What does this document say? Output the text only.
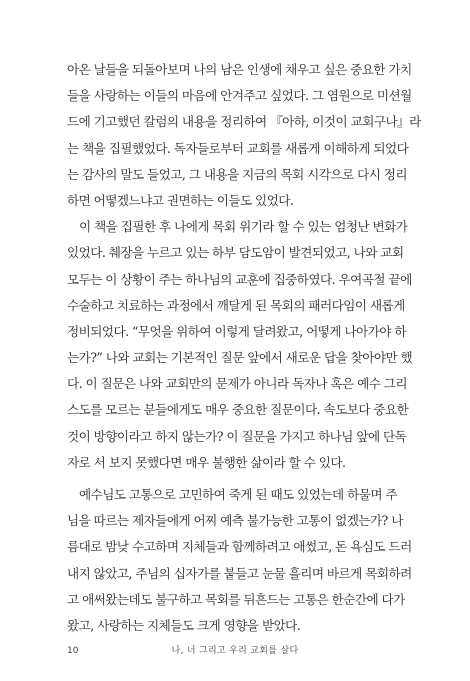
아온 날들을 되돌아보며 나의 남은 인생에 채우고 싶은 중요한 가치
들을 사랑하는 이들의 마음에 안겨주고 싶었다. 그 염원으로 미션월
드에 기고했던 칼럼의 내용을 정리하여 『아하, 이것이 교회구나』라
는 책을 집필했었다. 독자들로부터 교회를 새롭게 이해하게 되었다
는 감사의 말도 들었고, 그 내용을 지금의 목회 시각으로 다시 정리
하면 어떻겠느냐고 권면하는 이들도 있었다.
이 책을 집필한 후 나에게 목회 위기라 할 수 있는 엄청난 변화가
있었다. 췌장을 누르고 있는 하부 담도암이 발견되었고, 나와 교회
모두는 이 상황이 주는 하나님의 교훈에 집중하였다. 우여곡절 끝에
수술하고 치료하는 과정에서 깨달게 된 목회의 패러다임이 새롭게
정비되었다. “무엇을 위하여 이렇게 달려왔고, 어떻게 나아가야 하
는가?” 나와 교회는 기본적인 질문 앞에서 새로운 답을 찾아야만 했
다. 이 질문은 나와 교회만의 문제가 아니라 독자나 혹은 예수 그리
스도를 모르는 분들에게도 매우 중요한 질문이다. 속도보다 중요한
것이 방향이라고 하지 않는가? 이 질문을 가지고 하나님 앞에 단독
자로 서 보지 못했다면 매우 불행한 삶이라 할 수 있다.
예수님도 고통으로 고민하여 죽게 된 때도 있었는데 하물며 주
님을 따르는 제자들에게 어찌 예측 불가능한 고통이 없겠는가? 나
름대로 밤낮 수고하며 지체들과 함께하려고 애썼고, 돈 욕심도 드러
내지 않았고, 주님의 십자가를 붙들고 눈물 흘리며 바르게 목회하려
고 애써왔는데도 불구하고 목회를 뒤흔드는 고통은 한순간에 다가
왔고, 사랑하는 지체들도 크게 영향을 받았다.
10	나, 너 그리고 우리 교회를 살다
